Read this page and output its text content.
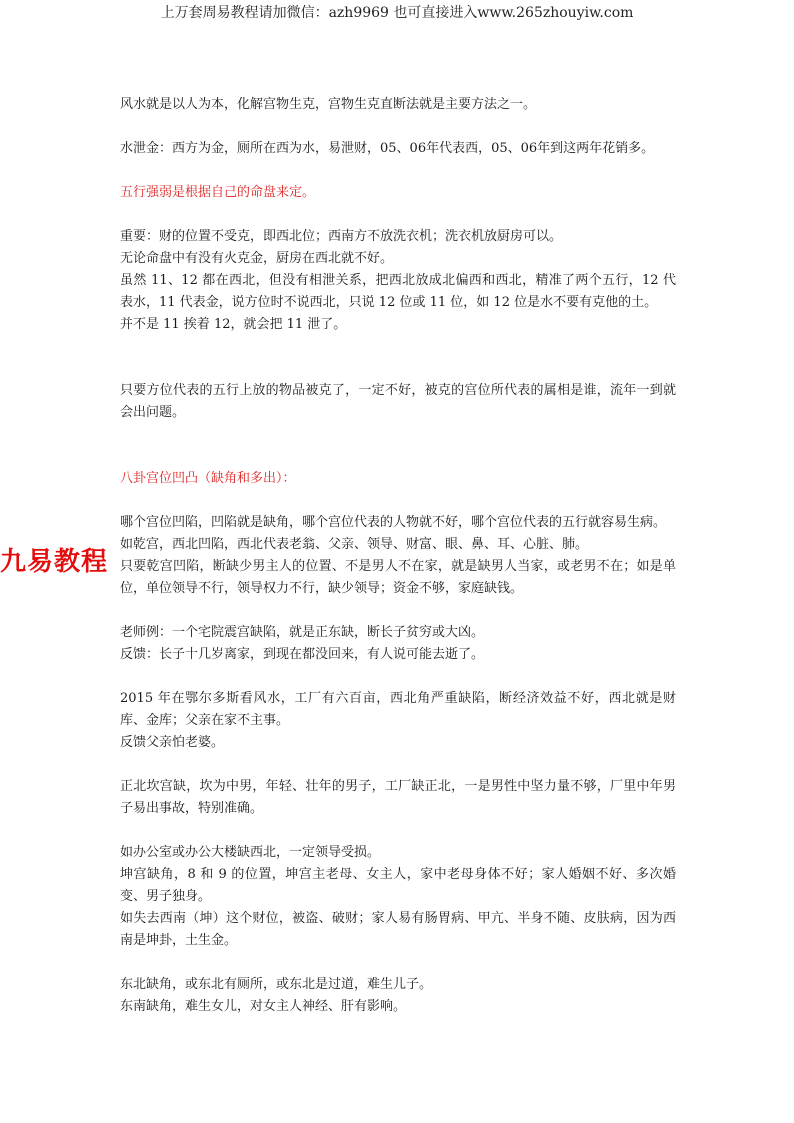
上万套周易教程请加微信：azh9969 也可直接进入www.265zhouyiw.com
九易教程

风水就是以人为本，化解宫物生克，宫物生克直断法就是主要方法之一。

水泄金：西方为金，厕所在西为水，易泄财，05、06年代表西，05、06年到这两年花销多。

五行强弱是根据自己的命盘来定。

重要：财的位置不受克，即西北位；西南方不放洗衣机；洗衣机放厨房可以。

无论命盘中有没有火克金，厨房在西北就不好。

虽然 11、12 都在西北，但没有相泄关系，把西北放成北偏西和西北，精准了两个五行，12 代表水，11 代表金，说方位时不说西北，只说 12 位或 11 位，如 12 位是水不要有克他的土。

并不是 11 挨着 12，就会把 11 泄了。

只要方位代表的五行上放的物品被克了，一定不好，被克的宫位所代表的属相是谁，流年一到就会出问题。

八卦宫位凹凸（缺角和多出）：

哪个宫位凹陷，凹陷就是缺角，哪个宫位代表的人物就不好，哪个宫位代表的五行就容易生病。

如乾宫，西北凹陷，西北代表老翁、父亲、领导、财富、眼、鼻、耳、心脏、肺。

只要乾宫凹陷，断缺少男主人的位置、不是男人不在家，就是缺男人当家，或老男不在；如是单位，单位领导不行，领导权力不行，缺少领导；资金不够，家庭缺钱。

老师例：一个宅院震宫缺陷，就是正东缺，断长子贫穷或大凶。

反馈：长子十几岁离家，到现在都没回来，有人说可能去逝了。

2015 年在鄂尔多斯看风水，工厂有六百亩，西北角严重缺陷，断经济效益不好，西北就是财库、金库；父亲在家不主事。

反馈父亲怕老婆。

正北坎宫缺，坎为中男，年轻、壮年的男子，工厂缺正北，一是男性中坚力量不够，厂里中年男子易出事故，特别准确。

如办公室或办公大楼缺西北，一定领导受损。

坤宫缺角，8 和 9 的位置，坤宫主老母、女主人，家中老母身体不好；家人婚姻不好、多次婚变、男子独身。

如失去西南（坤）这个财位，被盗、破财；家人易有肠胃病、甲亢、半身不随、皮肤病，因为西南是坤卦，土生金。

东北缺角，或东北有厕所，或东北是过道，难生儿子。

东南缺角，难生女儿，对女主人神经、肝有影响。
